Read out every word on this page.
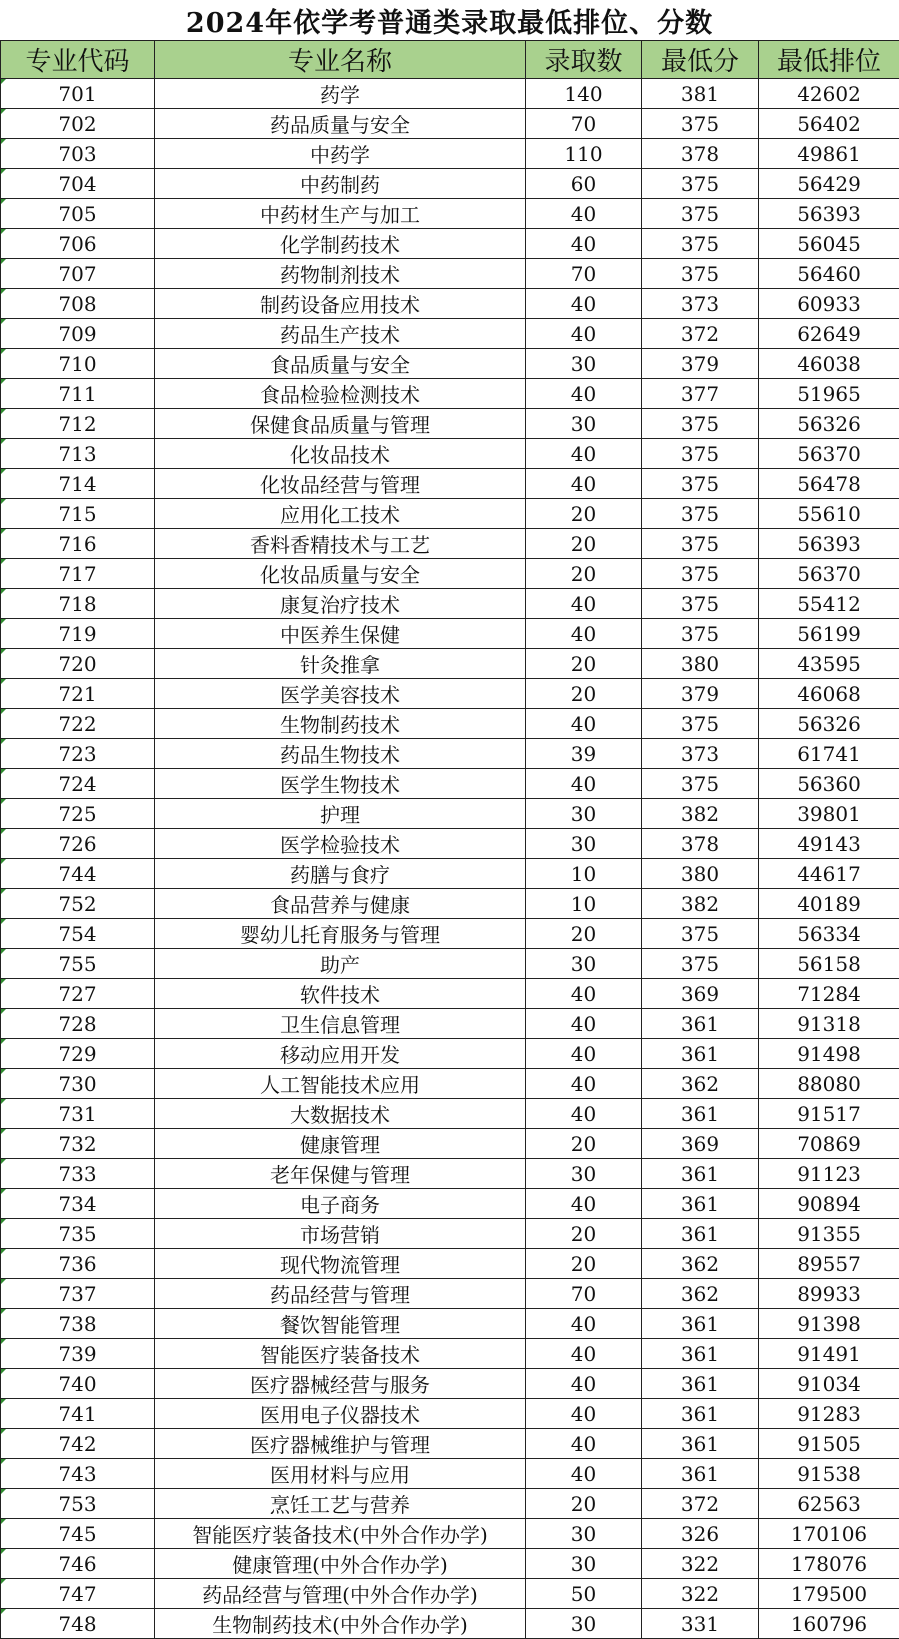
2024年依学考普通类录取最低排位、分数
专业代码	专业名称	录取数	最低分	最低排位
701	药学	140	381	42602
702	药品质量与安全	70	375	56402
703	中药学	110	378	49861
704	中药制药	60	375	56429
705	中药材生产与加工	40	375	56393
706	化学制药技术	40	375	56045
707	药物制剂技术	70	375	56460
708	制药设备应用技术	40	373	60933
709	药品生产技术	40	372	62649
710	食品质量与安全	30	379	46038
711	食品检验检测技术	40	377	51965
712	保健食品质量与管理	30	375	56326
713	化妆品技术	40	375	56370
714	化妆品经营与管理	40	375	56478
715	应用化工技术	20	375	55610
716	香料香精技术与工艺	20	375	56393
717	化妆品质量与安全	20	375	56370
718	康复治疗技术	40	375	55412
719	中医养生保健	40	375	56199
720	针灸推拿	20	380	43595
721	医学美容技术	20	379	46068
722	生物制药技术	40	375	56326
723	药品生物技术	39	373	61741
724	医学生物技术	40	375	56360
725	护理	30	382	39801
726	医学检验技术	30	378	49143
744	药膳与食疗	10	380	44617
752	食品营养与健康	10	382	40189
754	婴幼儿托育服务与管理	20	375	56334
755	助产	30	375	56158
727	软件技术	40	369	71284
728	卫生信息管理	40	361	91318
729	移动应用开发	40	361	91498
730	人工智能技术应用	40	362	88080
731	大数据技术	40	361	91517
732	健康管理	20	369	70869
733	老年保健与管理	30	361	91123
734	电子商务	40	361	90894
735	市场营销	20	361	91355
736	现代物流管理	20	362	89557
737	药品经营与管理	70	362	89933
738	餐饮智能管理	40	361	91398
739	智能医疗装备技术	40	361	91491
740	医疗器械经营与服务	40	361	91034
741	医用电子仪器技术	40	361	91283
742	医疗器械维护与管理	40	361	91505
743	医用材料与应用	40	361	91538
753	烹饪工艺与营养	20	372	62563
745	智能医疗装备技术(中外合作办学)	30	326	170106
746	健康管理(中外合作办学)	30	322	178076
747	药品经营与管理(中外合作办学)	50	322	179500
748	生物制药技术(中外合作办学)	30	331	160796
